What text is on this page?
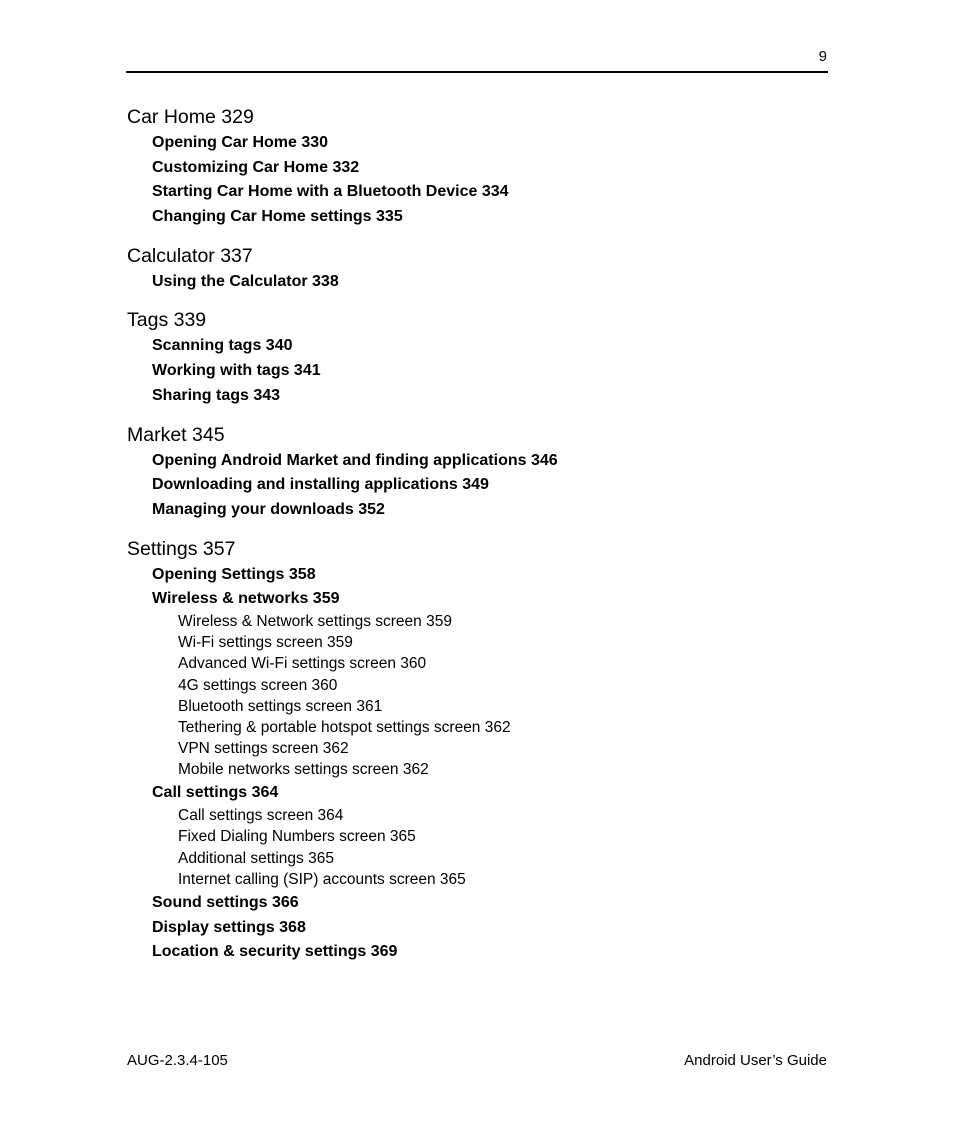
9
Car Home 329
Opening Car Home 330
Customizing Car Home 332
Starting Car Home with a Bluetooth Device 334
Changing Car Home settings 335
Calculator 337
Using the Calculator 338
Tags 339
Scanning tags 340
Working with tags 341
Sharing tags 343
Market 345
Opening Android Market and finding applications 346
Downloading and installing applications 349
Managing your downloads 352
Settings 357
Opening Settings 358
Wireless & networks 359
Wireless & Network settings screen 359
Wi-Fi settings screen 359
Advanced Wi-Fi settings screen 360
4G settings screen 360
Bluetooth settings screen 361
Tethering & portable hotspot settings screen 362
VPN settings screen 362
Mobile networks settings screen 362
Call settings 364
Call settings screen 364
Fixed Dialing Numbers screen 365
Additional settings 365
Internet calling (SIP) accounts screen 365
Sound settings 366
Display settings 368
Location & security settings 369
AUG-2.3.4-105	Android User’s Guide
